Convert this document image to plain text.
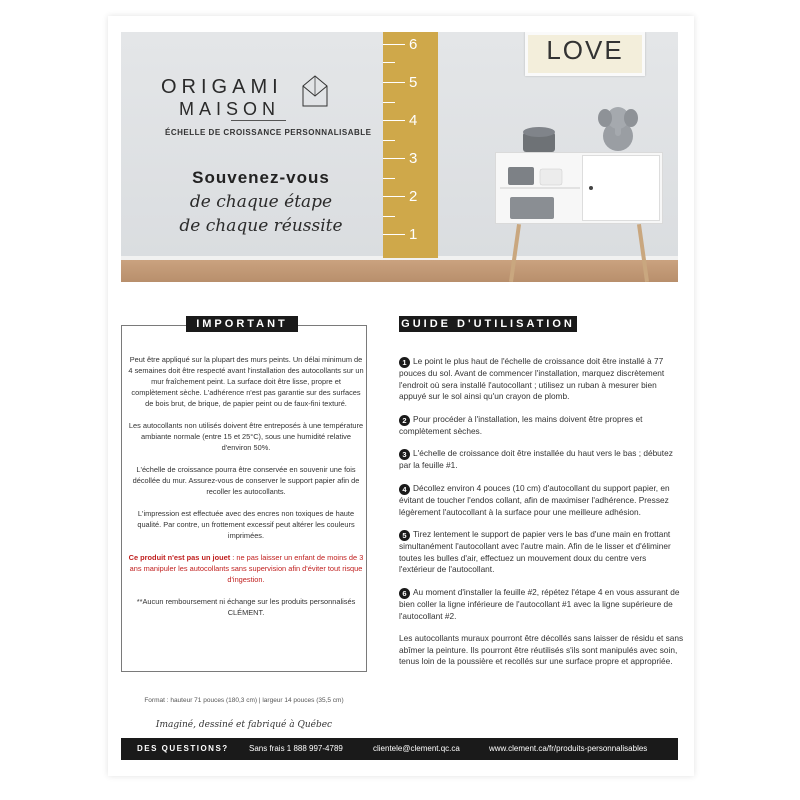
ORIGAMI
MAISON
ÉCHELLE DE CROISSANCE PERSONNALISABLE
Souvenez-vous
de chaque étape
de chaque réussite
6
5
4
3
2
1
LOVE
IMPORTANT

Peut être appliqué sur la plupart des murs peints. Un délai minimum de 4 semaines doit être respecté avant l'installation des autocollants sur un mur fraîchement peint. La surface doit être lisse, propre et complètement sèche. L'adhérence n'est pas garantie sur des surfaces de bois brut, de brique, de papier peint ou de faux-fini texturé.

Les autocollants non utilisés doivent être entreposés à une température ambiante normale (entre 15 et 25°C), sous une humidité relative d'environ 50%.

L'échelle de croissance pourra être conservée en souvenir une fois décollée du mur. Assurez-vous de conserver le support papier afin de recoller les autocollants.

L'impression est effectuée avec des encres non toxiques de haute qualité. Par contre, un frottement excessif peut altérer les couleurs imprimées.

Ce produit n'est pas un jouet : ne pas laisser un enfant de moins de 3 ans manipuler les autocollants sans supervision afin d'éviter tout risque d'ingestion.

**Aucun remboursement ni échange sur les produits personnalisés CLÉMENT.

Format : hauteur 71 pouces (180,3 cm) | largeur 14 pouces (35,5 cm)
Imaginé, dessiné et fabriqué à Québec
GUIDE D'UTILISATION
1 Le point le plus haut de l'échelle de croissance doit être installé à 77 pouces du sol. Avant de commencer l'installation, marquez discrètement l'endroit où sera installé l'autocollant ; utilisez un ruban à mesurer bien appuyé sur le sol ainsi qu'un crayon de plomb.
2 Pour procéder à l'installation, les mains doivent être propres et complètement sèches.
3 L'échelle de croissance doit être installée du haut vers le bas ; débutez par la feuille #1.
4 Décollez environ 4 pouces (10 cm) d'autocollant du support papier, en évitant de toucher l'endos collant, afin de maximiser l'adhérence. Pressez légèrement l'autocollant à la surface pour une meilleure adhésion.
5 Tirez lentement le support de papier vers le bas d'une main en frottant simultanément l'autocollant avec l'autre main. Afin de le lisser et d'éliminer toutes les bulles d'air, effectuez un mouvement doux du centre vers l'extérieur de l'autocollant.
6 Au moment d'installer la feuille #2, répétez l'étape 4 en vous assurant de bien coller la ligne inférieure de l'autocollant #1 avec la ligne supérieure de l'autocollant #2.
Les autocollants muraux pourront être décollés sans laisser de résidu et sans abîmer la peinture. Ils pourront être réutilisés s'ils sont manipulés avec soin, tenus loin de la poussière et recollés sur une surface propre et appropriée.
DES QUESTIONS?	Sans frais 1 888 997-4789	clientele@clement.qc.ca	www.clement.ca/fr/produits-personnalisables
